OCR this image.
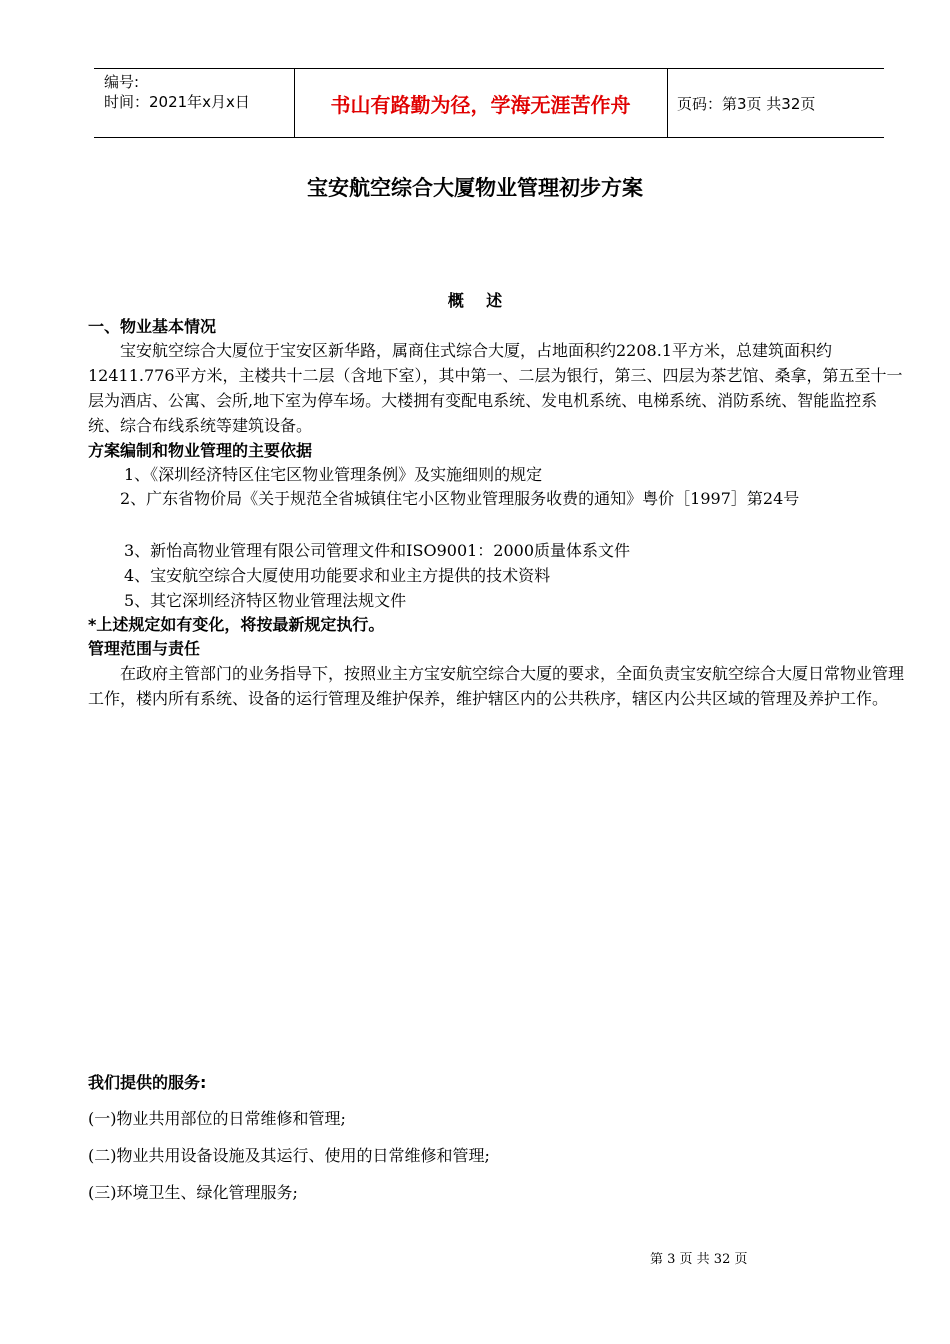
编号:
时间：2021年x月x日	书山有路勤为径，学海无涯苦作舟	页码：第3页 共32页
宝安航空综合大厦物业管理初步方案
概    述
一、物业基本情况
宝安航空综合大厦位于宝安区新华路，属商住式综合大厦，占地面积约2208.1平方米，总建筑面积约12411.776平方米，主楼共十二层（含地下室），其中第一、二层为银行，第三、四层为茶艺馆、桑拿，第五至十一层为酒店、公寓、会所,地下室为停车场。大楼拥有变配电系统、发电机系统、电梯系统、消防系统、智能监控系统、综合布线系统等建筑设备。
方案编制和物业管理的主要依据
1、《深圳经济特区住宅区物业管理条例》及实施细则的规定
2、广东省物价局《关于规范全省城镇住宅小区物业管理服务收费的通知》粤价［1997］第24号
3、新怡高物业管理有限公司管理文件和ISO9001：2000质量体系文件
4、宝安航空综合大厦使用功能要求和业主方提供的技术资料
5、其它深圳经济特区物业管理法规文件
*上述规定如有变化，将按最新规定执行。
管理范围与责任
在政府主管部门的业务指导下，按照业主方宝安航空综合大厦的要求，全面负责宝安航空综合大厦日常物业管理工作，楼内所有系统、设备的运行管理及维护保养，维护辖区内的公共秩序，辖区内公共区域的管理及养护工作。
我们提供的服务:
(一)物业共用部位的日常维修和管理;
(二)物业共用设备设施及其运行、使用的日常维修和管理;
(三)环境卫生、绿化管理服务;
第 3 页 共 32 页
